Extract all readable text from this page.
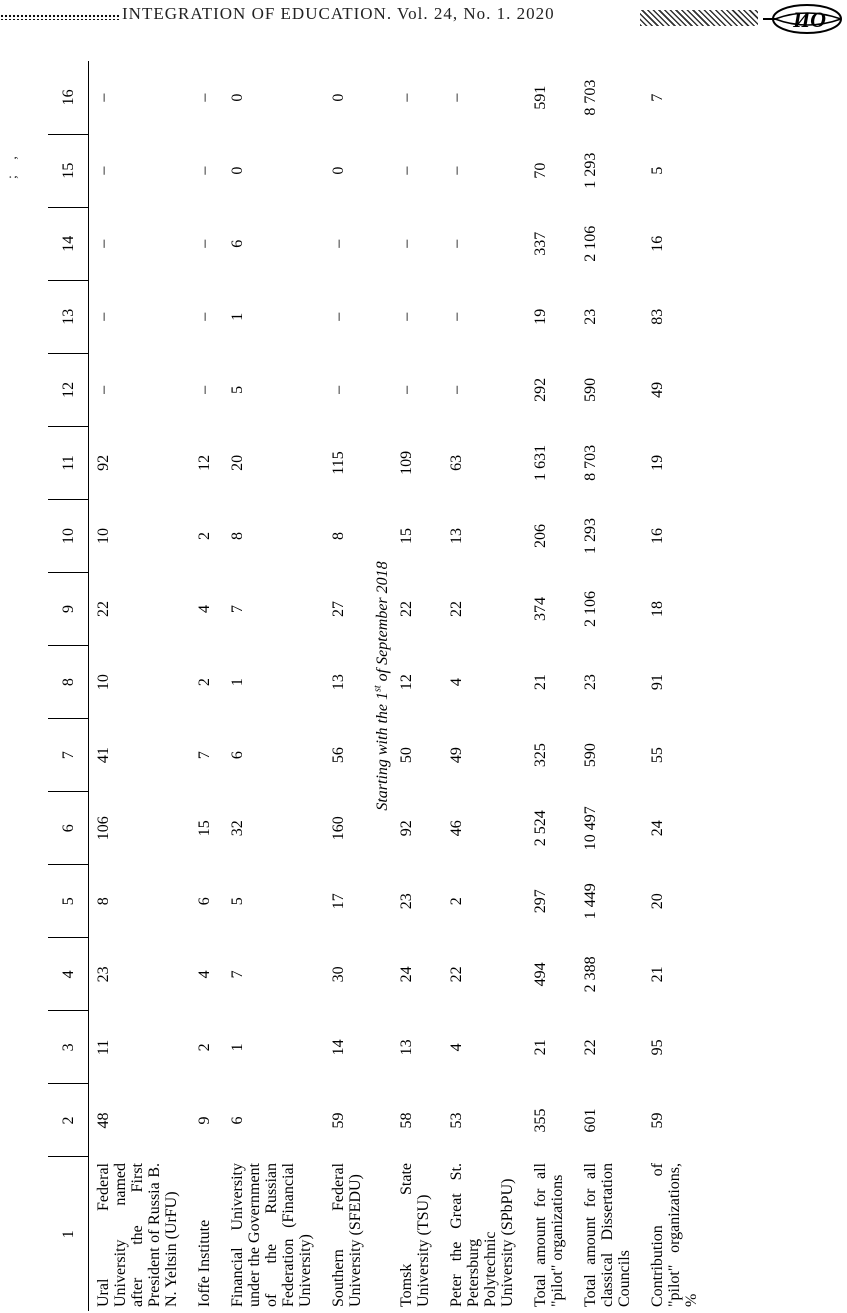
INTEGRATION OF EDUCATION. Vol. 24, No. 1. 2020	ИО
; ,
1	2	3	4	5	6	7	8	9	10	11	12	13	14	15	16
Ural Federal University named after the First President of Russia B. N. Yeltsin (UrFU)	48	11	23	8	106	41	10	22	10	92	–	–	–	–	–
Ioffe Institute	9	2	4	6	15	7	2	4	2	12	–	–	–	–	–
Financial University under the Government of the Russian Federation (Financial University)	6	1	7	5	32	6	1	7	8	20	5	1	6	0	0
Southern Federal University (SFEDU)	59	14	30	17	160	56	13	27	8	115	–	–	–	0	0
Starting with the 1st of September 2018															
Tomsk State University (TSU)	58	13	24	23	92	50	12	22	15	109	–	–	–	–	–
Peter the Great St. Petersburg Polytechnic University (SPbPU)	53	4	22	2	46	49	4	22	13	63	–	–	–	–	–
Total amount for all "pilot" organizations	355	21	494	297	2 524	325	21	374	206	1 631	292	19	337	70	591
Total amount for all classical Dissertation Councils	601	22	2 388	1 449	10 497	590	23	2 106	1 293	8 703	590	23	2 106	1 293	8 703
Contribution of "pilot" organizations, %	59	95	21	20	24	55	91	18	16	19	49	83	16	5	7
